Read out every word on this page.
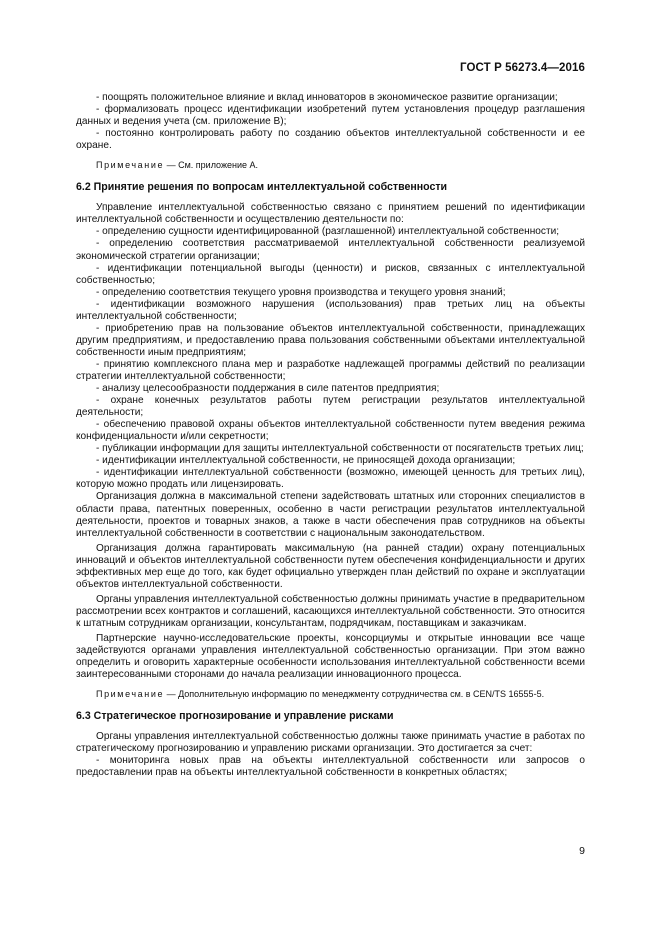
ГОСТ Р 56273.4—2016

- поощрять положительное влияние и вклад инноваторов в экономическое развитие организации;

- формализовать процесс идентификации изобретений путем установления процедур разглашения данных и ведения учета (см. приложение В);

- постоянно контролировать работу по созданию объектов интеллектуальной собственности и ее охране.

Примечание — См. приложение А.

6.2 Принятие решения по вопросам интеллектуальной собственности

Управление интеллектуальной собственностью связано с принятием решений по идентификации интеллектуальной собственности и осуществлению деятельности по:

- определению сущности идентифицированной (разглашенной) интеллектуальной собственности;

- определению соответствия рассматриваемой интеллектуальной собственности реализуемой экономической стратегии организации;

- идентификации потенциальной выгоды (ценности) и рисков, связанных с интеллектуальной собственностью;

- определению соответствия текущего уровня производства и текущего уровня знаний;

- идентификации возможного нарушения (использования) прав третьих лиц на объекты интеллектуальной собственности;

- приобретению прав на пользование объектов интеллектуальной собственности, принадлежащих другим предприятиям, и предоставлению права пользования собственными объектами интеллектуальной собственности иным предприятиям;

- принятию комплексного плана мер и разработке надлежащей программы действий по реализации стратегии интеллектуальной собственности;

- анализу целесообразности поддержания в силе патентов предприятия;

- охране конечных результатов работы путем регистрации результатов интеллектуальной деятельности;

- обеспечению правовой охраны объектов интеллектуальной собственности путем введения режима конфиденциальности и/или секретности;

- публикации информации для защиты интеллектуальной собственности от посягательств третьих лиц;

- идентификации интеллектуальной собственности, не приносящей дохода организации;

- идентификации интеллектуальной собственности (возможно, имеющей ценность для третьих лиц), которую можно продать или лицензировать.

Организация должна в максимальной степени задействовать штатных или сторонних специалистов в области права, патентных поверенных, особенно в части регистрации результатов интеллектуальной деятельности, проектов и товарных знаков, а также в части обеспечения прав сотрудников на объекты интеллектуальной собственности в соответствии с национальным законодательством.

Организация должна гарантировать максимальную (на ранней стадии) охрану потенциальных инноваций и объектов интеллектуальной собственности путем обеспечения конфиденциальности и других эффективных мер еще до того, как будет официально утвержден план действий по охране и эксплуатации объектов интеллектуальной собственности.

Органы управления интеллектуальной собственностью должны принимать участие в предварительном рассмотрении всех контрактов и соглашений, касающихся интеллектуальной собственности. Это относится к штатным сотрудникам организации, консультантам, подрядчикам, поставщикам и заказчикам.

Партнерские научно-исследовательские проекты, консорциумы и открытые инновации все чаще задействуются органами управления интеллектуальной собственностью организации. При этом важно определить и оговорить характерные особенности использования интеллектуальной собственности всеми заинтересованными сторонами до начала реализации инновационного процесса.

Примечание — Дополнительную информацию по менеджменту сотрудничества см. в CEN/TS 16555-5.

6.3 Стратегическое прогнозирование и управление рисками

Органы управления интеллектуальной собственностью должны также принимать участие в работах по стратегическому прогнозированию и управлению рисками организации. Это достигается за счет:

- мониторинга новых прав на объекты интеллектуальной собственности или запросов о предоставлении прав на объекты интеллектуальной собственности в конкретных областях;

9
